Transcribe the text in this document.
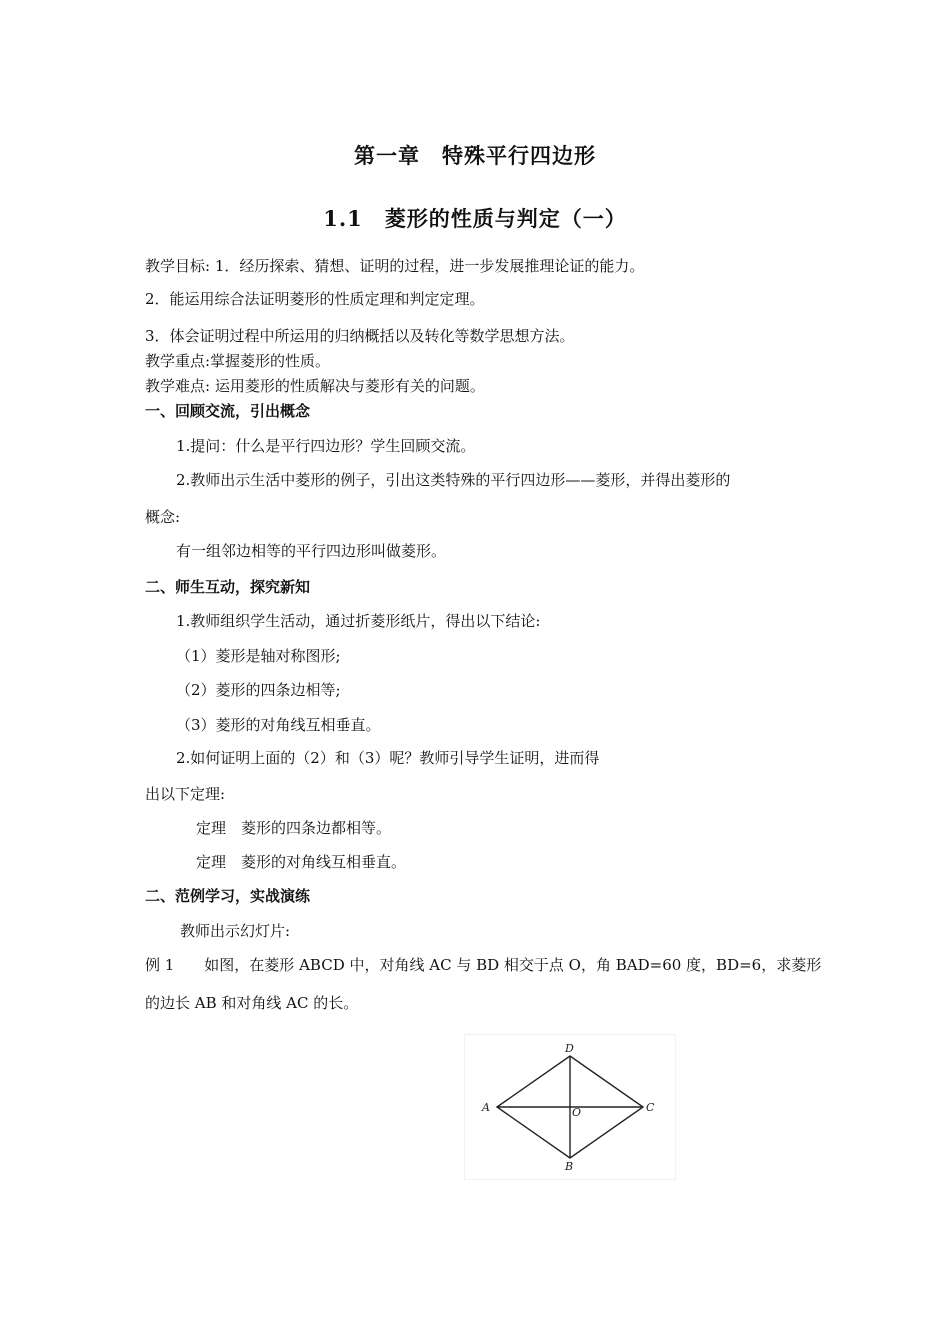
第一章　特殊平行四边形
1.1　菱形的性质与判定（一）
教学目标: 1．经历探索、猜想、证明的过程，进一步发展推理论证的能力。
2．能运用综合法证明菱形的性质定理和判定定理。
3．体会证明过程中所运用的归纳概括以及转化等数学思想方法。
教学重点:掌握菱形的性质。
教学难点: 运用菱形的性质解决与菱形有关的问题。
一、回顾交流，引出概念
1.提问：什么是平行四边形？学生回顾交流。
2.教师出示生活中菱形的例子，引出这类特殊的平行四边形——菱形，并得出菱形的
概念:
有一组邻边相等的平行四边形叫做菱形。
二、师生互动，探究新知
1.教师组织学生活动，通过折菱形纸片，得出以下结论:
（1）菱形是轴对称图形;
（2）菱形的四条边相等;
（3）菱形的对角线互相垂直。
2.如何证明上面的（2）和（3）呢？教师引导学生证明，进而得
出以下定理:
定理　菱形的四条边都相等。
定理　菱形的对角线互相垂直。
二、范例学习，实战演练
教师出示幻灯片:
例 1　　如图，在菱形 ABCD 中，对角线 AC 与 BD 相交于点 O，角 BAD=60 度，BD=6，求菱形
的边长 AB 和对角线 AC 的长。
D
A	C
O
B
